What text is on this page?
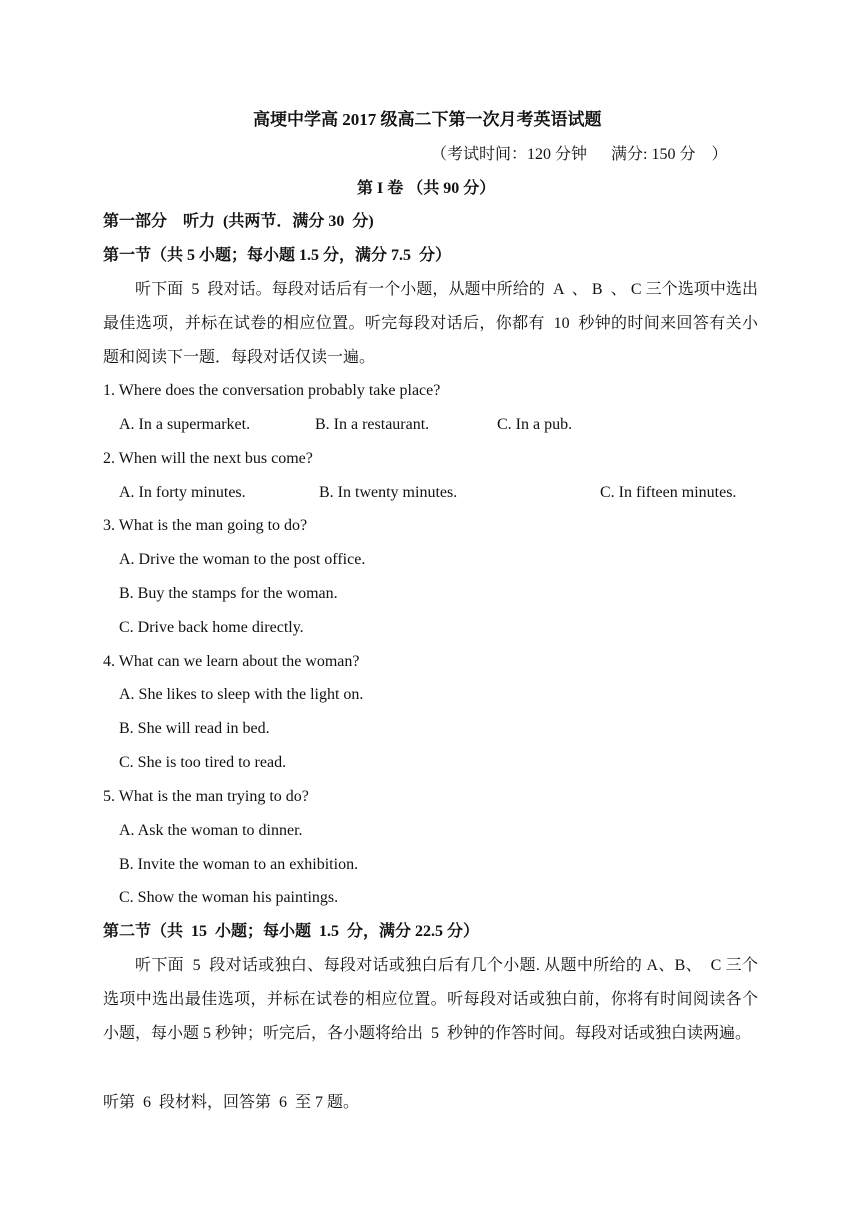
高埂中学高 2017 级高二下第一次月考英语试题
（考试时间：120 分钟      满分: 150 分    ）
第 I 卷 （共 90 分）
第一部分    听力  (共两节．满分 30  分)
第一节（共 5 小题；每小题 1.5 分，满分 7.5  分）
听下面  5  段对话。每段对话后有一个小题，从题中所给的  A  、 B  、 C 三个选项中选出最佳选项，并标在试卷的相应位置。听完每段对话后，你都有  10  秒钟的时间来回答有关小题和阅读下一题．每段对话仅读一遍。
1. Where does the conversation probably take place?
A. In a supermarket.	B. In a restaurant.	C. In a pub.
2. When will the next bus come?
A. In forty minutes.	B. In twenty minutes.	C. In fifteen minutes.
3. What is the man going to do?
A. Drive the woman to the post office.
B. Buy the stamps for the woman.
C. Drive back home directly.
4. What can we learn about the woman?
A. She likes to sleep with the light on.
B. She will read in bed.
C. She is too tired to read.
5. What is the man trying to do?
A. Ask the woman to dinner.
B. Invite the woman to an exhibition.
C. Show the woman his paintings.
第二节（共  15  小题；每小题  1.5  分，满分 22.5 分）
听下面  5  段对话或独白、每段对话或独白后有几个小题. 从题中所给的 A、B、  C 三个选项中选出最佳选项，并标在试卷的相应位置。听每段对话或独白前，你将有时间阅读各个小题，每小题 5 秒钟；听完后，各小题将给出  5  秒钟的作答时间。每段对话或独白读两遍。
听第  6  段材料，回答第  6  至 7 题。
